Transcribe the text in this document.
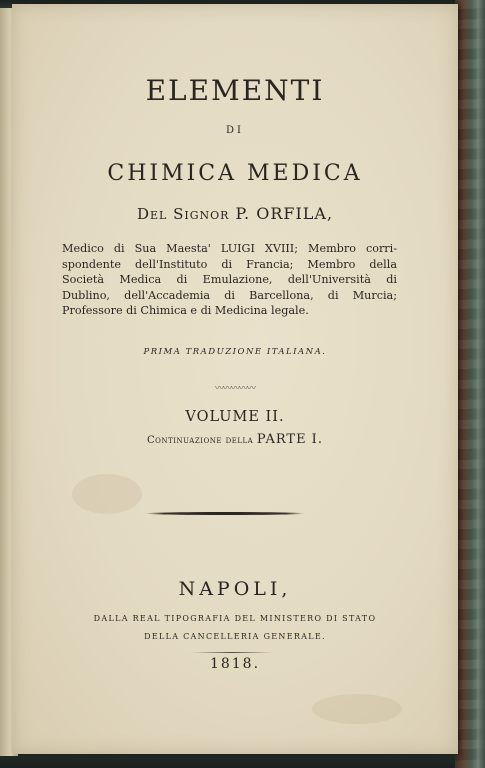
ELEMENTI
DI
CHIMICA MEDICA
Del Signor P. ORFILA,
Medico di Sua Maesta' LUIGI XVIII; Membro corri-
spondente dell'Instituto di Francia; Membro della
Società Medica di Emulazione, dell'Università di
Dublino, dell'Accademia di Barcellona, di Murcia;
Professore di Chimica e di Medicina legale.
PRIMA TRADUZIONE ITALIANA.
〰〰〰〰〰
VOLUME II.
Continuazione della PARTE I.
NAPOLI,
DALLA REAL TIPOGRAFIA DEL MINISTERO DI STATO
DELLA CANCELLERIA GENERALE.
1818.
